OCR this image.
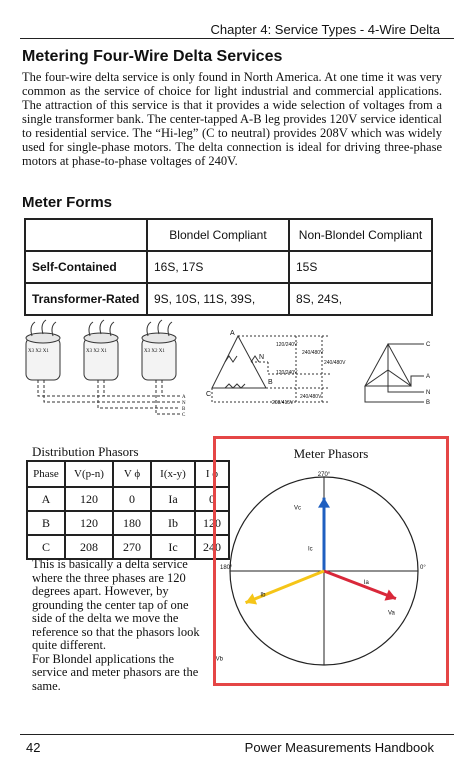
Chapter 4: Service Types - 4-Wire Delta
Metering Four-Wire Delta Services

The four-wire delta service is only found in North America. At one time it was very common as the service of choice for light industrial and commercial applications. The attraction of this service is that it provides a wide selection of voltages from a single transformer bank. The center-tapped A-B leg provides 120V service identical to residential service. The “Hi-leg” (C to neutral) provides 208V which was widely used for single-phase motors. The delta connection is ideal for driving three-phase motors at phase-to-phase voltages of 240V.

Meter Forms
	Blondel Compliant	Non-Blondel Compliant
Self-Contained	16S, 17S	15S
Transformer-Rated	9S, 10S, 11S, 39S,	8S, 24S,
X3 X2 X1	X3 X2 X1	X3 X2 X1
A
N
B
C
A
N
B
C
120/240V
240/480V
120/240V
208/415V
240/480V
240/480V
C
A
N
B
Distribution Phasors
Phase	V(p-n)	V ϕ	I(x-y)	I ϕ
A	120	0	Ia	0
B	120	180	Ib	120
C	208	270	Ic	240

This is basically a delta service where the three phases are 120 degrees apart. However, by grounding the center tap of one side of the delta we move the reference so that the phasors look quite different.
For Blondel applications the service and meter phasors are the same.

Meter Phasors
270°
180°	0°
Vc
Ic
Va
Ia
Vb
Ib
42	Power Measurements Handbook
